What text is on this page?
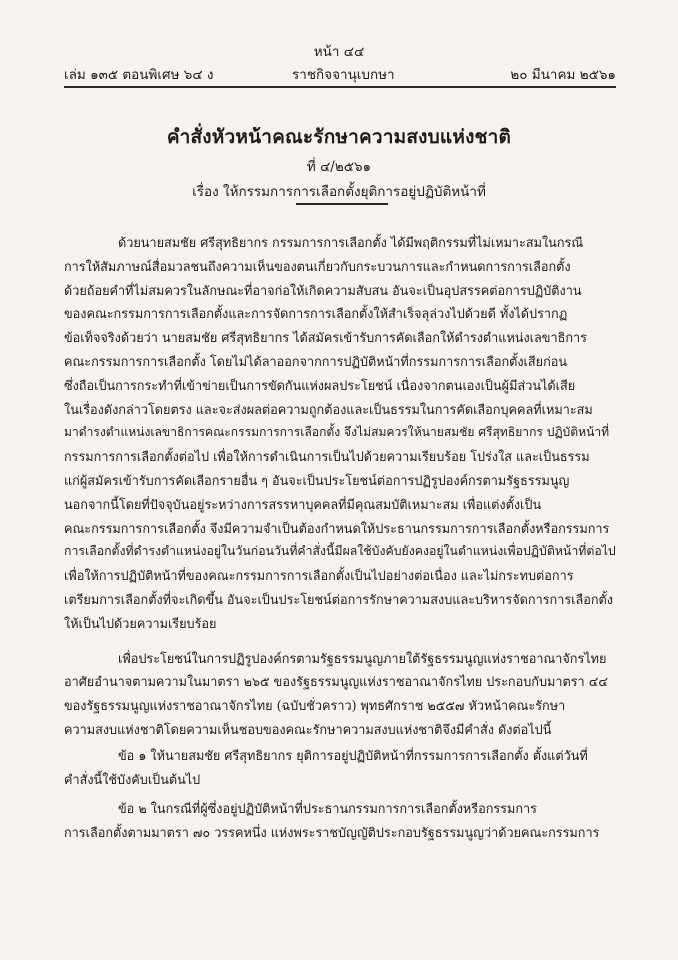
หน้า ๔๔
เล่ม ๑๓๕ ตอนพิเศษ ๖๔ ง	ราชกิจจานุเบกษา	๒๐ มีนาคม ๒๕๖๑
คำสั่งหัวหน้าคณะรักษาความสงบแห่งชาติ
ที่ ๔/๒๕๖๑
เรื่อง ให้กรรมการการเลือกตั้งยุติการอยู่ปฏิบัติหน้าที่
ด้วยนายสมชัย ศรีสุทธิยากร กรรมการการเลือกตั้ง ได้มีพฤติกรรมที่ไม่เหมาะสมในกรณี
การให้สัมภาษณ์สื่อมวลชนถึงความเห็นของตนเกี่ยวกับกระบวนการและกำหนดการการเลือกตั้ง
ด้วยถ้อยคำที่ไม่สมควรในลักษณะที่อาจก่อให้เกิดความสับสน อันจะเป็นอุปสรรคต่อการปฏิบัติงาน
ของคณะกรรมการการเลือกตั้งและการจัดการการเลือกตั้งให้สำเร็จลุล่วงไปด้วยดี ทั้งได้ปรากฏ
ข้อเท็จจริงด้วยว่า นายสมชัย ศรีสุทธิยากร ได้สมัครเข้ารับการคัดเลือกให้ดำรงตำแหน่งเลขาธิการ
คณะกรรมการการเลือกตั้ง โดยไม่ได้ลาออกจากการปฏิบัติหน้าที่กรรมการการเลือกตั้งเสียก่อน
ซึ่งถือเป็นการกระทำที่เข้าข่ายเป็นการขัดกันแห่งผลประโยชน์ เนื่องจากตนเองเป็นผู้มีส่วนได้เสีย
ในเรื่องดังกล่าวโดยตรง และจะส่งผลต่อความถูกต้องและเป็นธรรมในการคัดเลือกบุคคลที่เหมาะสม
มาดำรงตำแหน่งเลขาธิการคณะกรรมการการเลือกตั้ง จึงไม่สมควรให้นายสมชัย ศรีสุทธิยากร ปฏิบัติหน้าที่
กรรมการการเลือกตั้งต่อไป เพื่อให้การดำเนินการเป็นไปด้วยความเรียบร้อย โปร่งใส และเป็นธรรม
แก่ผู้สมัครเข้ารับการคัดเลือกรายอื่น ๆ อันจะเป็นประโยชน์ต่อการปฏิรูปองค์กรตามรัฐธรรมนูญ
นอกจากนี้โดยที่ปัจจุบันอยู่ระหว่างการสรรหาบุคคลที่มีคุณสมบัติเหมาะสม เพื่อแต่งตั้งเป็น
คณะกรรมการการเลือกตั้ง จึงมีความจำเป็นต้องกำหนดให้ประธานกรรมการการเลือกตั้งหรือกรรมการ
การเลือกตั้งที่ดำรงตำแหน่งอยู่ในวันก่อนวันที่คำสั่งนี้มีผลใช้บังคับยังคงอยู่ในตำแหน่งเพื่อปฏิบัติหน้าที่ต่อไป
เพื่อให้การปฏิบัติหน้าที่ของคณะกรรมการการเลือกตั้งเป็นไปอย่างต่อเนื่อง และไม่กระทบต่อการ
เตรียมการเลือกตั้งที่จะเกิดขึ้น อันจะเป็นประโยชน์ต่อการรักษาความสงบและบริหารจัดการการเลือกตั้ง
ให้เป็นไปด้วยความเรียบร้อย
เพื่อประโยชน์ในการปฏิรูปองค์กรตามรัฐธรรมนูญภายใต้รัฐธรรมนูญแห่งราชอาณาจักรไทย
อาศัยอำนาจตามความในมาตรา ๒๖๕ ของรัฐธรรมนูญแห่งราชอาณาจักรไทย ประกอบกับมาตรา ๔๔
ของรัฐธรรมนูญแห่งราชอาณาจักรไทย (ฉบับชั่วคราว) พุทธศักราช ๒๕๕๗ หัวหน้าคณะรักษา
ความสงบแห่งชาติโดยความเห็นชอบของคณะรักษาความสงบแห่งชาติจึงมีคำสั่ง ดังต่อไปนี้
ข้อ ๑ ให้นายสมชัย ศรีสุทธิยากร ยุติการอยู่ปฏิบัติหน้าที่กรรมการการเลือกตั้ง ตั้งแต่วันที่
คำสั่งนี้ใช้บังคับเป็นต้นไป
ข้อ ๒ ในกรณีที่ผู้ซึ่งอยู่ปฏิบัติหน้าที่ประธานกรรมการการเลือกตั้งหรือกรรมการ
การเลือกตั้งตามมาตรา ๗๐ วรรคหนึ่ง แห่งพระราชบัญญัติประกอบรัฐธรรมนูญว่าด้วยคณะกรรมการ
